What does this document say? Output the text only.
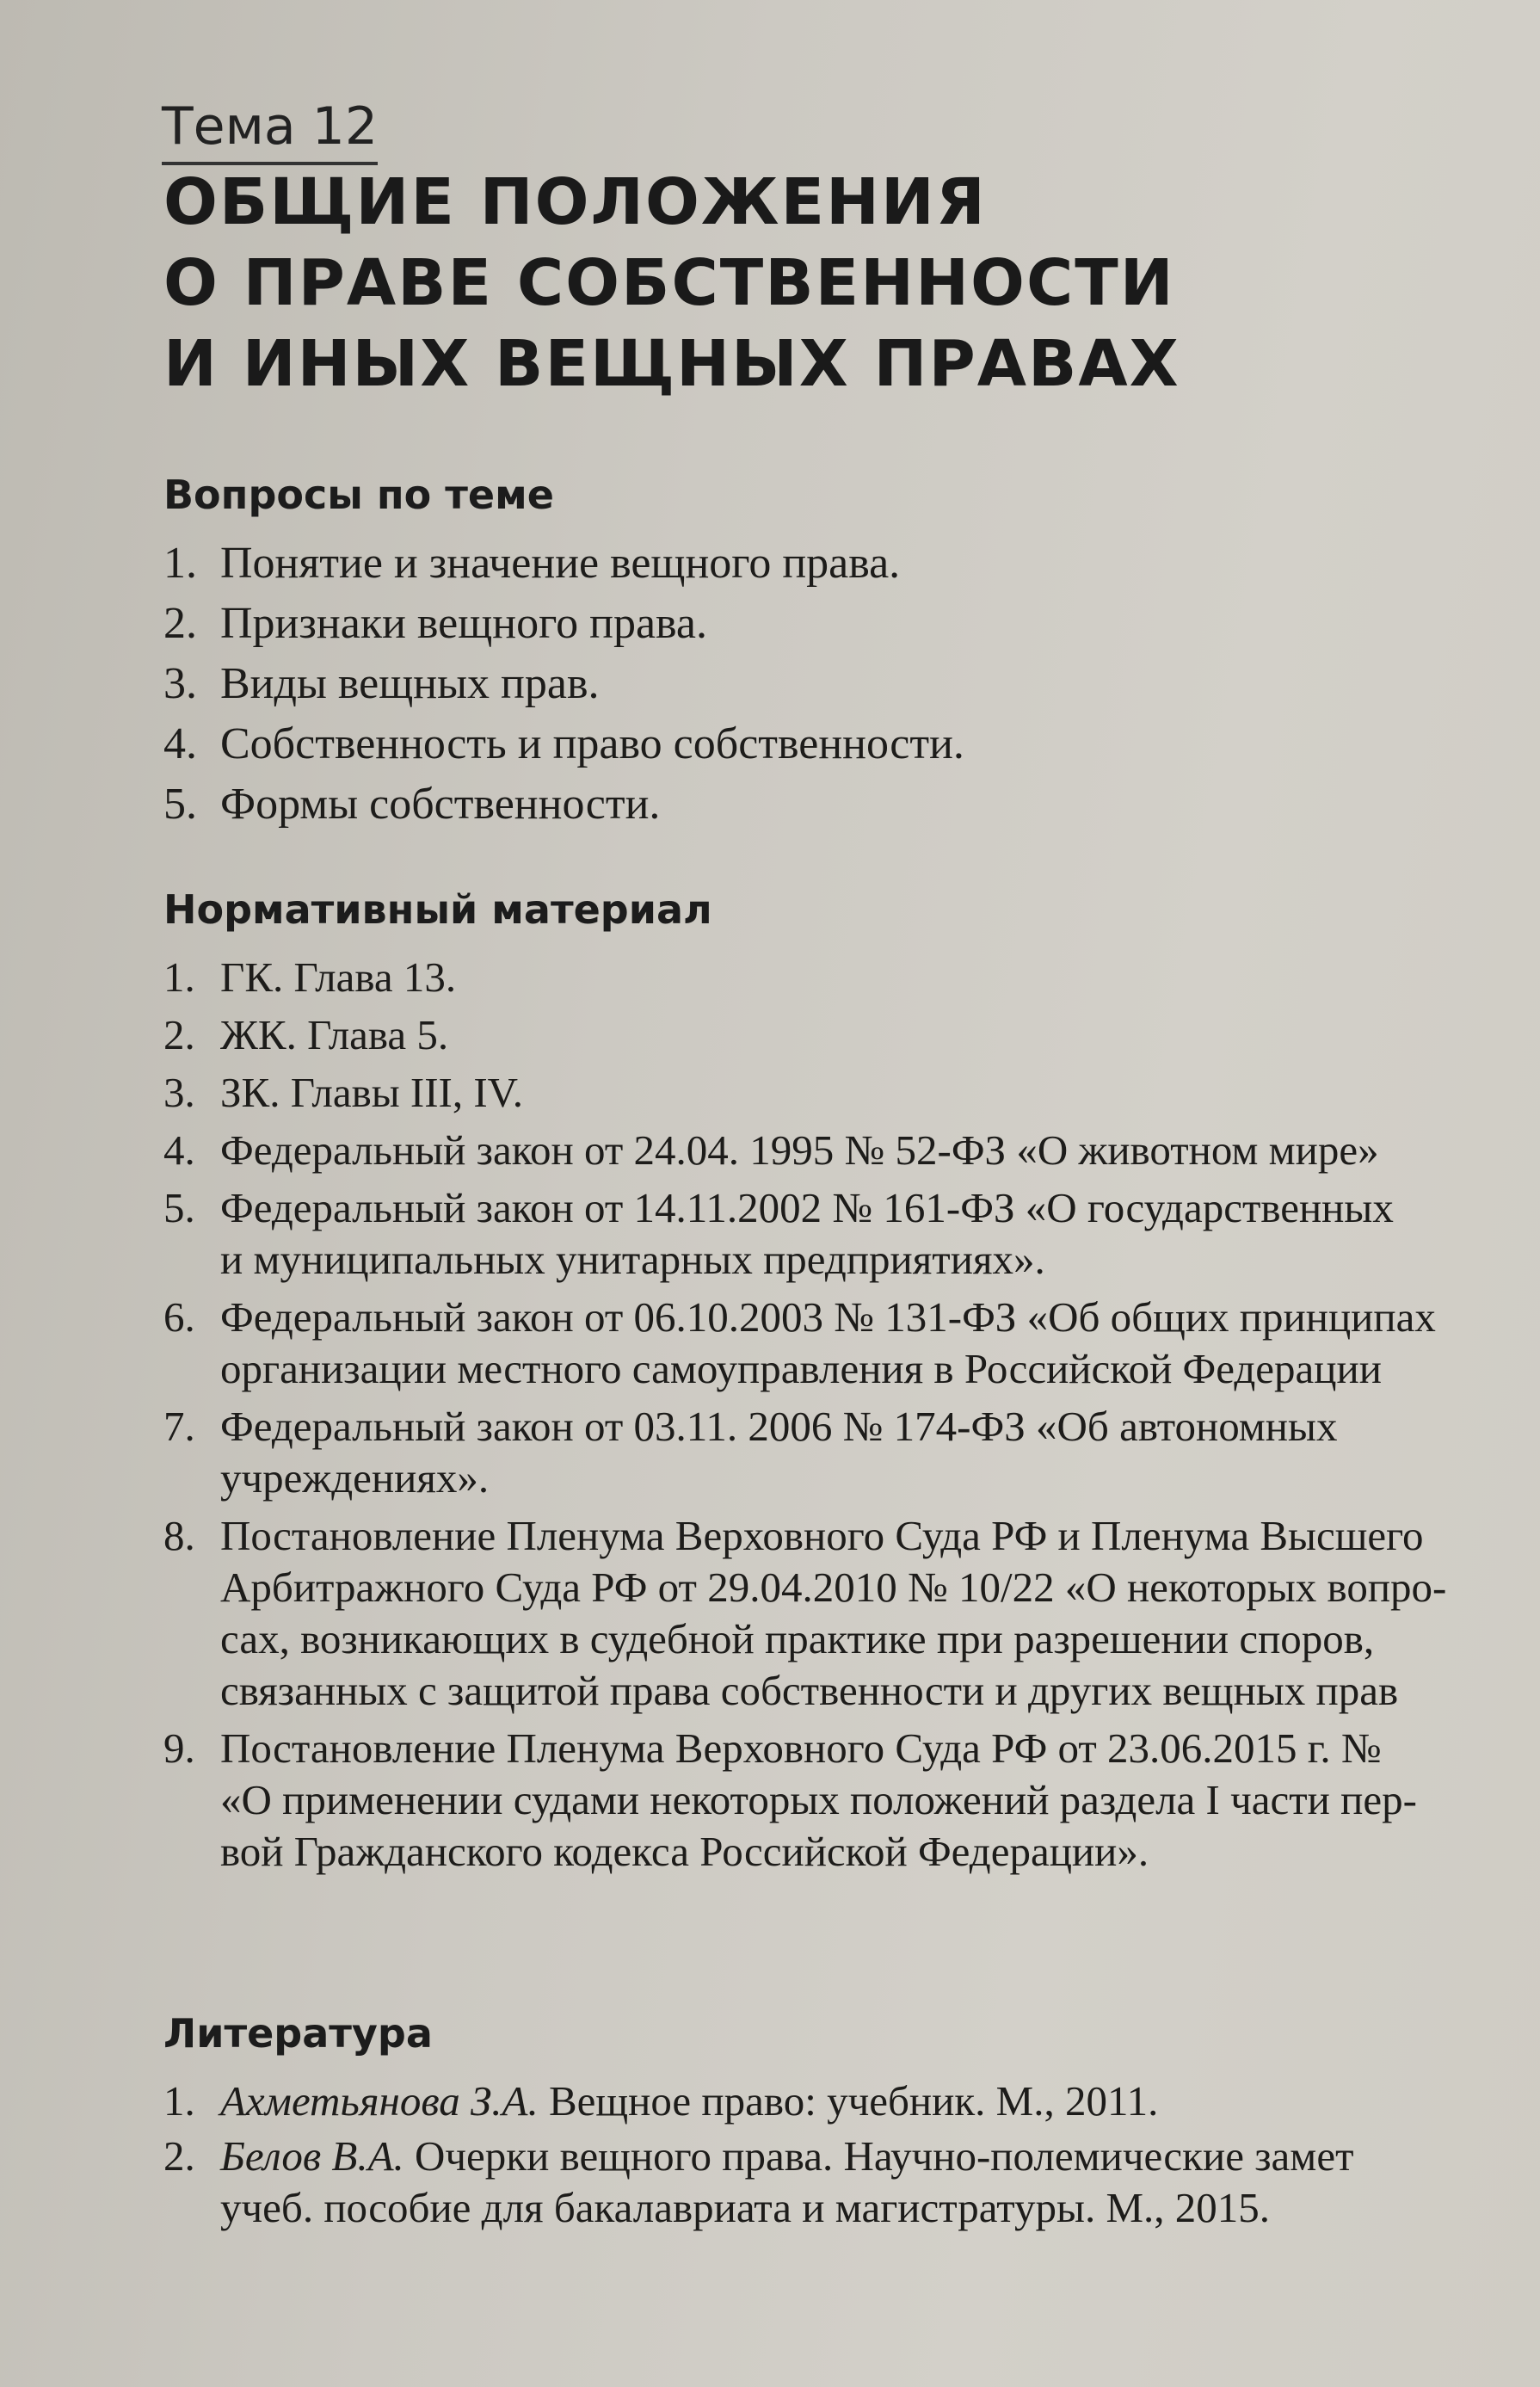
Тема 12
ОБЩИЕ ПОЛОЖЕНИЯ
О ПРАВЕ СОБСТВЕННОСТИ
И ИНЫХ ВЕЩНЫХ ПРАВАХ
Вопросы по теме
1. Понятие и значение вещного права.
2. Признаки вещного права.
3. Виды вещных прав.
4. Собственность и право собственности.
5. Формы собственности.
Нормативный материал
1. ГК. Глава 13.
2. ЖК. Глава 5.
3. ЗК. Главы III, IV.
4. Федеральный закон от 24.04. 1995 № 52-ФЗ «О животном мире»
5. Федеральный закон от 14.11.2002 № 161-ФЗ «О государственных
и муниципальных унитарных предприятиях».
6. Федеральный закон от 06.10.2003 № 131-ФЗ «Об общих принципах
организации местного самоуправления в Российской Федерации
7. Федеральный закон от 03.11. 2006 № 174-ФЗ «Об автономных
учреждениях».
8. Постановление Пленума Верховного Суда РФ и Пленума Высшего
Арбитражного Суда РФ от 29.04.2010 № 10/22 «О некоторых вопро-
сах, возникающих в судебной практике при разрешении споров,
связанных с защитой права собственности и других вещных прав
9. Постановление Пленума Верховного Суда РФ от 23.06.2015 г. №
«О применении судами некоторых положений раздела I части пер-
вой Гражданского кодекса Российской Федерации».
Литература
1. Ахметьянова З.А. Вещное право: учебник. М., 2011.
2. Белов В.А. Очерки вещного права. Научно-полемические замет
учеб. пособие для бакалавриата и магистратуры. М., 2015.
